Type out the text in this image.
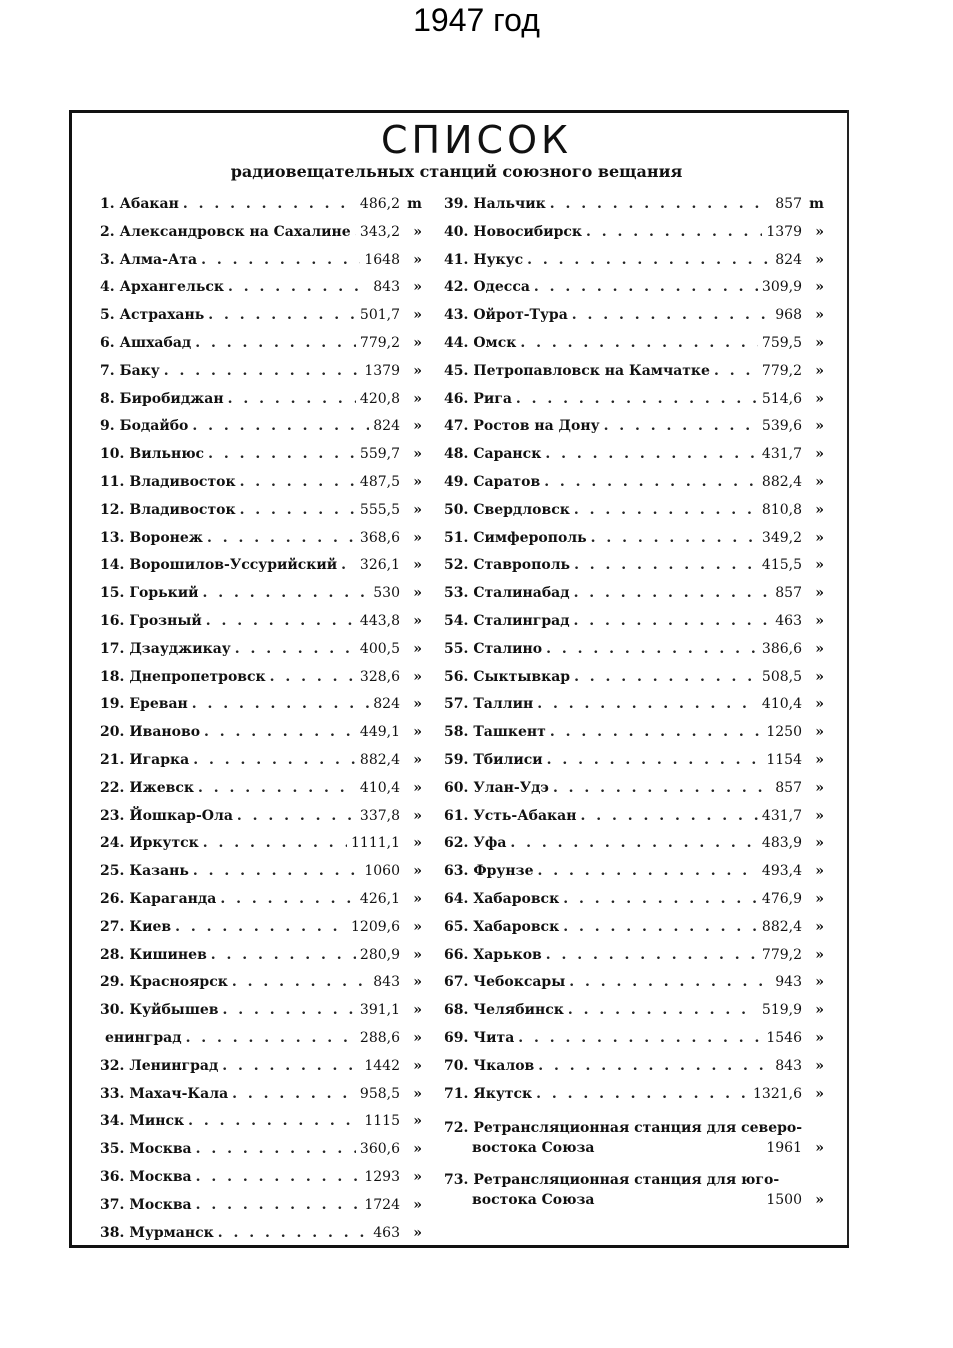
1947 год
СПИСОК
радиовещательных станций союзного вещания
1. Абакан . . .	486,2 m
2. Александровск на Сахалине . . . 343,2 »
3. Алма-Ата . . .	1648 »
4. Архангельск . . .	843 »
5. Астрахань . . .	501,7 »
6. Ашхабад . . .	779,2 »
7. Баку . . .	1379 »
8. Биробиджан . . .	420,8 »
9. Бодайбо . . .	824 »
10. Вильнюс . . .	559,7 »
11. Владивосток . . .	487,5 »
12. Владивосток . . .	555,5 »
13. Воронеж . . .	368,6 »
14. Ворошилов-Уссурийский . . . 326,1 »
15. Горький . . .	530 »
16. Грозный . . .	443,8 »
17. Дзауджикау . . .	400,5 »
18. Днепропетровск . . .	328,6 »
19. Ереван . . .	824 »
20. Иваново . . .	449,1 »
21. Игарка . . .	882,4 »
22. Ижевск . . .	410,4 »
23. Йошкар-Ола . . .	337,8 »
24. Иркутск . . .	1111,1 »
25. Казань . . .	1060 »
26. Караганда . . .	426,1 »
27. Киев . . .	1209,6 »
28. Кишинев . . .	280,9 »
29. Красноярск . . .	843 »
30. Куйбышев . . .	391,1 »
енинград . . .	288,6 »
32. Ленинград . . .	1442 »
33. Махач-Кала . . .	958,5 »
34. Минск . . .	1115 »
35. Москва . . .	360,6 »
36. Москва . . .	1293 »
37. Москва . . .	1724 »
38. Мурманск . . .	463 »
39. Нальчик . . .	857 m
40. Новосибирск . . .	1379 »
41. Нукус . . .	824 »
42. Одесса . . .	309,9 »
43. Ойрот-Тура . . .	968 »
44. Омск . . .	759,5 »
45. Петропавловск на Камчатке . . .	779,2 »
46. Рига . . .	514,6 »
47. Ростов на Дону . . .	539,6 »
48. Саранск . . .	431,7 »
49. Саратов . . .	882,4 »
50. Свердловск . . .	810,8 »
51. Симферополь . . .	349,2 »
52. Ставрополь . . .	415,5 »
53. Сталинабад . . .	857 »
54. Сталинград . . .	463 »
55. Сталино . . .	386,6 »
56. Сыктывкар . . .	508,5 »
57. Таллин . . .	410,4 »
58. Ташкент . . .	1250 »
59. Тбилиси . . .	1154 »
60. Улан-Удэ . . .	857 »
61. Усть-Абакан . . .	431,7 »
62. Уфа . . .	483,9 »
63. Фрунзе . . .	493,4 »
64. Хабаровск . . .	476,9 »
65. Хабаровск . . .	882,4 »
66. Харьков . . .	779,2 »
67. Чебоксары . . .	943 »
68. Челябинск . . .	519,9 »
69. Чита . . .	1546 »
70. Чкалов . . .	843 »
71. Якутск . . .	1321,6 »
72. Ретрансляционная станция для северо-
востока Союза	1961 »
73. Ретрансляционная станция для юго-
востока Союза	1500 »
